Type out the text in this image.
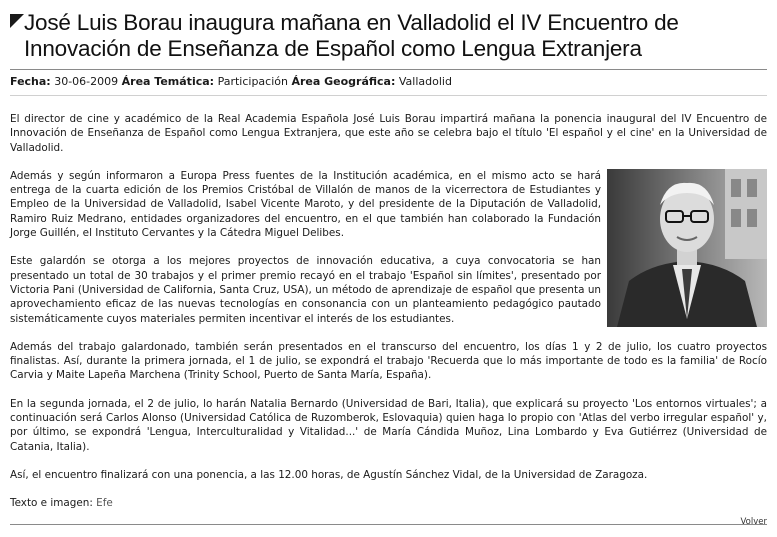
José Luis Borau inaugura mañana en Valladolid el IV Encuentro de
Innovación de Enseñanza de Español como Lengua Extranjera
Fecha: 30-06-2009 Área Temática: Participación Área Geográfica: Valladolid

El director de cine y académico de la Real Academia Española José Luis Borau impartirá mañana la ponencia inaugural del IV Encuentro de Innovación de Enseñanza de Español como Lengua Extranjera, que este año se celebra bajo el título 'El español y el cine' en la Universidad de Valladolid.

Además y según informaron a Europa Press fuentes de la Institución académica, en el mismo acto se hará entrega de la cuarta edición de los Premios Cristóbal de Villalón de manos de la vicerrectora de Estudiantes y Empleo de la Universidad de Valladolid, Isabel Vicente Maroto, y del presidente de la Diputación de Valladolid, Ramiro Ruiz Medrano, entidades organizadores del encuentro, en el que también han colaborado la Fundación Jorge Guillén, el Instituto Cervantes y la Cátedra Miguel Delibes.

Este galardón se otorga a los mejores proyectos de innovación educativa, a cuya convocatoria se han presentado un total de 30 trabajos y el primer premio recayó en el trabajo 'Español sin límites', presentado por Victoria Pani (Universidad de California, Santa Cruz, USA), un método de aprendizaje de español que presenta un aprovechamiento eficaz de las nuevas tecnologías en consonancia con un planteamiento pedagógico pautado sistemáticamente cuyos materiales permiten incentivar el interés de los estudiantes.

Además del trabajo galardonado, también serán presentados en el transcurso del encuentro, los días 1 y 2 de julio, los cuatro proyectos finalistas. Así, durante la primera jornada, el 1 de julio, se expondrá el trabajo 'Recuerda que lo más importante de todo es la familia' de Rocío Carvia y Maite Lapeña Marchena (Trinity School, Puerto de Santa María, España).

En la segunda jornada, el 2 de julio, lo harán Natalia Bernardo (Universidad de Bari, Italia), que explicará su proyecto 'Los entornos virtuales'; a continuación será Carlos Alonso (Universidad Católica de Ruzomberok, Eslovaquia) quien haga lo propio con 'Atlas del verbo irregular español' y, por último, se expondrá 'Lengua, Interculturalidad y Vitalidad...' de María Cándida Muñoz, Lina Lombardo y Eva Gutiérrez (Universidad de Catania, Italia).

Así, el encuentro finalizará con una ponencia, a las 12.00 horas, de Agustín Sánchez Vidal, de la Universidad de Zaragoza.

Texto e imagen: Efe

Volver
